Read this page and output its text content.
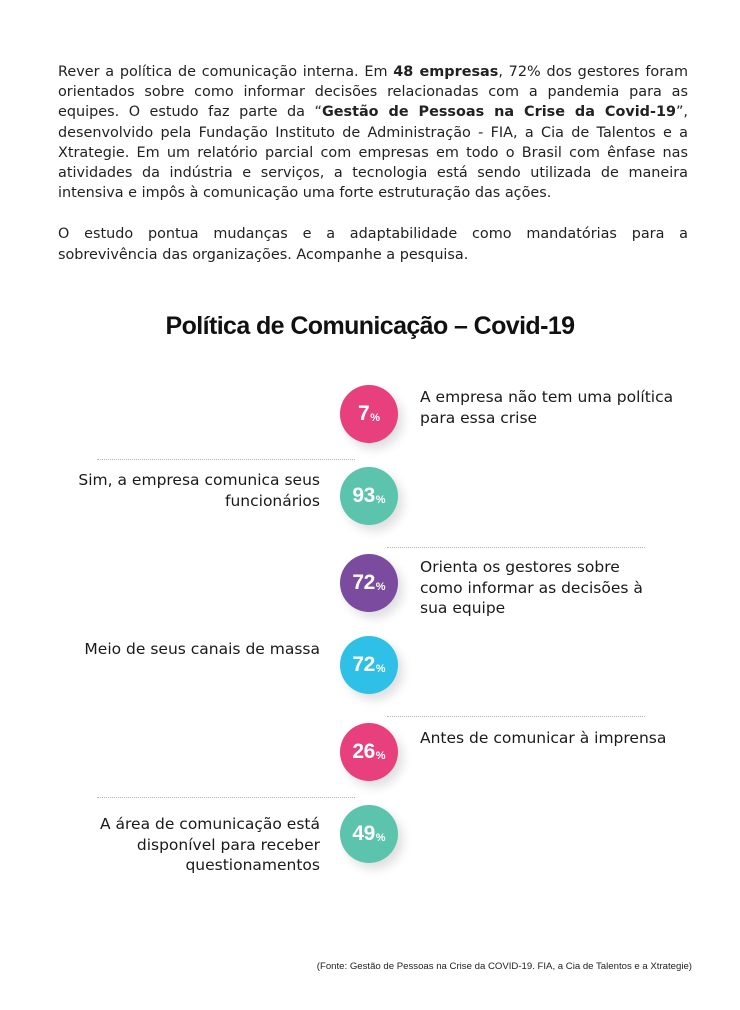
Rever a política de comunicação interna. Em 48 empresas, 72% dos gestores foram orientados sobre como informar decisões relacionadas com a pandemia para as equipes. O estudo faz parte da “Gestão de Pessoas na Crise da Covid-19”, desenvolvido pela Fundação Instituto de Administração - FIA, a Cia de Talentos e a Xtrategie. Em um relatório parcial com empresas em todo o Brasil com ênfase nas atividades da indústria e serviços, a tecnologia está sendo utilizada de maneira intensiva e impôs à comunicação uma forte estruturação das ações.

O estudo pontua mudanças e a adaptabilidade como mandatórias para a sobrevivência das organizações. Acompanhe a pesquisa.

Política de Comunicação – Covid-19
7 %
A empresa não tem uma política para essa crise
93 %
Sim, a empresa comunica seus funcionários
72 %
Orienta os gestores sobre como informar as decisões à sua equipe
72 %
Meio de seus canais de massa
26 %
Antes de comunicar à imprensa
49 %
A área de comunicação está disponível para receber questionamentos
(Fonte: Gestão de Pessoas na Crise da COVID-19. FIA, a Cia de Talentos e a Xtrategie)
